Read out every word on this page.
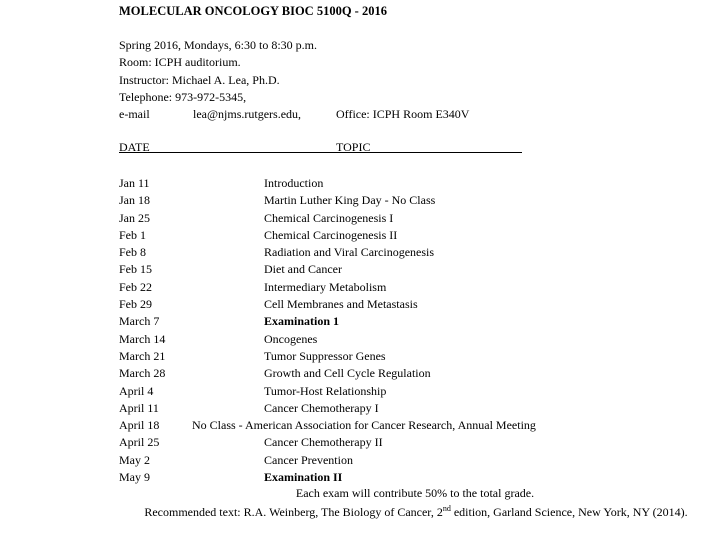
MOLECULAR ONCOLOGY BIOC 5100Q - 2016
Spring 2016, Mondays, 6:30 to 8:30 p.m.
Room: ICPH auditorium.
Instructor: Michael A. Lea, Ph.D.
Telephone: 973-972-5345,
e-mail	lea@njms.rutgers.edu,	Office: ICPH Room E340V
DATE	TOPIC
Jan 11	Introduction
Jan 18	Martin Luther King Day - No Class
Jan 25	Chemical Carcinogenesis I
Feb 1	Chemical Carcinogenesis II
Feb 8	Radiation and Viral Carcinogenesis
Feb 15	Diet and Cancer
Feb 22	Intermediary Metabolism
Feb 29	Cell Membranes and Metastasis
March 7	Examination 1
March 14	Oncogenes
March 21	Tumor Suppressor Genes
March 28	Growth and Cell Cycle Regulation
April 4	Tumor-Host Relationship
April 11	Cancer Chemotherapy I
April 18	No Class - American Association for Cancer Research, Annual Meeting
April 25	Cancer Chemotherapy II
May 2	Cancer Prevention
May 9	Examination II
Each exam will contribute 50% to the total grade.
Recommended text: R.A. Weinberg, The Biology of Cancer, 2nd edition, Garland Science, New York, NY (2014).
